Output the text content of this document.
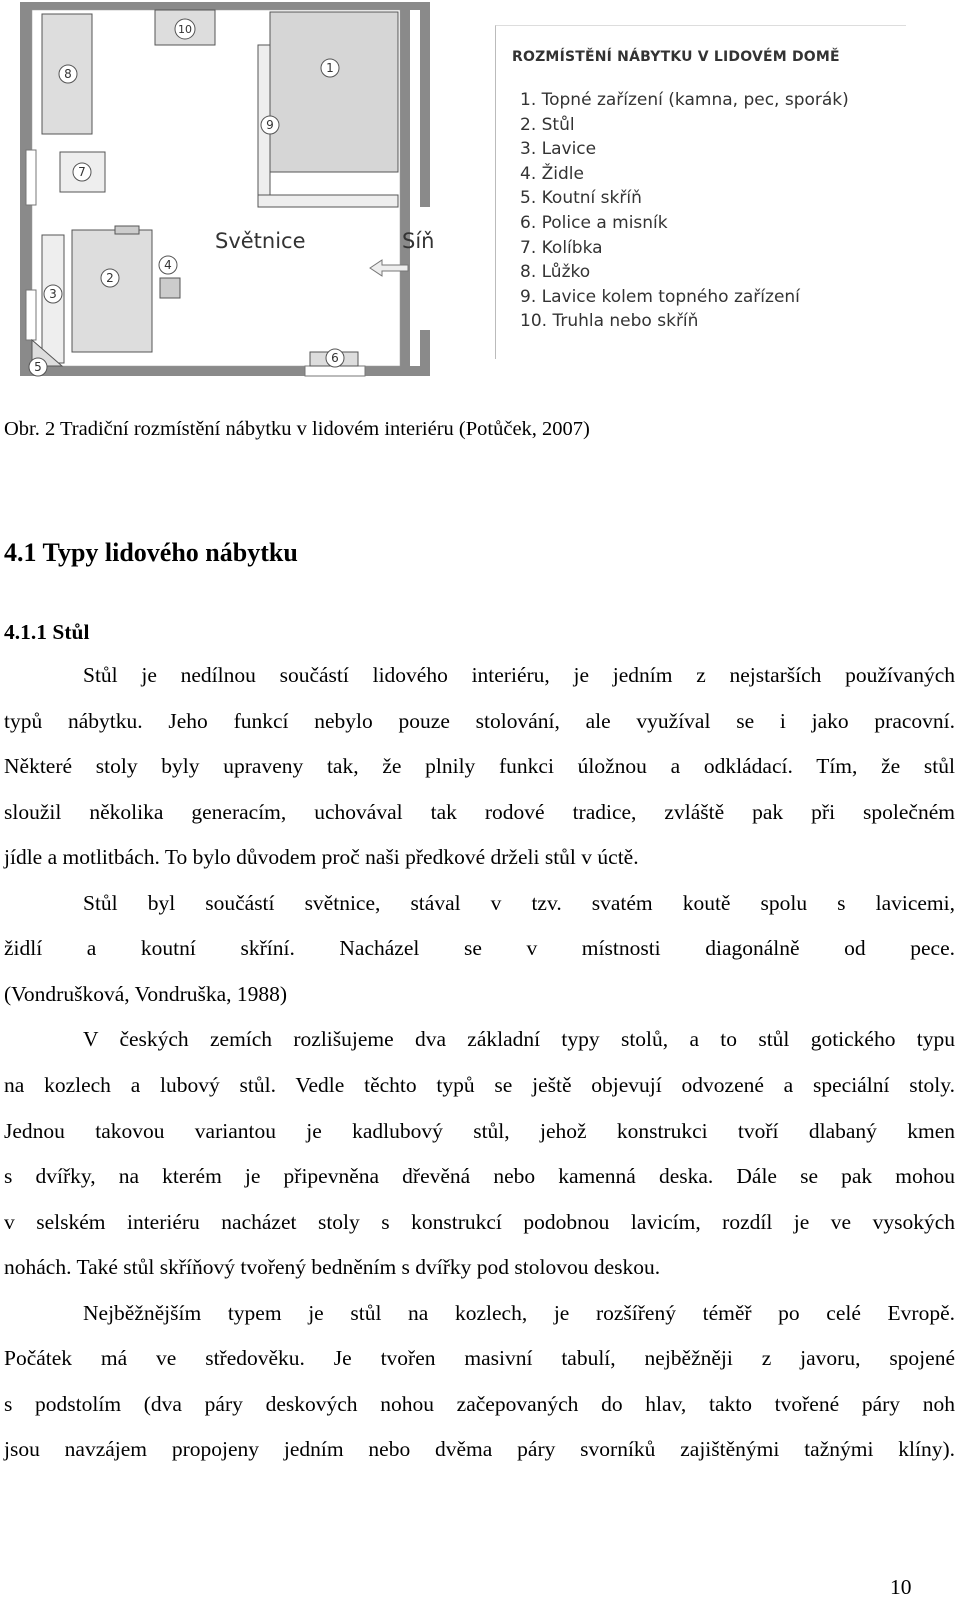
Světnice	Síň
1
2
3
4
5
6
7
8
9
10
ROZMÍSTĚNÍ NÁBYTKU V LIDOVÉM DOMĚ
1. Topné zařízení (kamna, pec, sporák)
2. Stůl
3. Lavice
4. Židle
5. Koutní skříň
6. Police a misník
7. Kolíbka
8. Lůžko
9. Lavice kolem topného zařízení
10. Truhla nebo skříň
Obr. 2 Tradiční rozmístění nábytku v lidovém interiéru (Potůček, 2007)
4.1 Typy lidového nábytku
4.1.1 Stůl
Stůl je nedílnou součástí lidového interiéru, je jedním z nejstarších používaných
typů nábytku. Jeho funkcí nebylo pouze stolování, ale využíval se i jako pracovní.
Některé stoly byly upraveny tak, že plnily funkci úložnou a odkládací. Tím, že stůl
sloužil několika generacím, uchovával tak rodové tradice, zvláště pak při společném
jídle a motlitbách. To bylo důvodem proč naši předkové drželi stůl v úctě.
Stůl byl součástí světnice, stával v tzv. svatém koutě spolu s lavicemi,
židlí a koutní skříní. Nacházel se v místnosti diagonálně od pece.
(Vondrušková, Vondruška, 1988)
V českých zemích rozlišujeme dva základní typy stolů, a to stůl gotického typu
na kozlech a lubový stůl. Vedle těchto typů se ještě objevují odvozené a speciální stoly.
Jednou takovou variantou je kadlubový stůl, jehož konstrukci tvoří dlabaný kmen
s dvířky, na kterém je připevněna dřevěná nebo kamenná deska. Dále se pak mohou
v selském interiéru nacházet stoly s konstrukcí podobnou lavicím, rozdíl je ve vysokých
nohách. Také stůl skříňový tvořený bedněním s dvířky pod stolovou deskou.
Nejběžnějším typem je stůl na kozlech, je rozšířený téměř po celé Evropě.
Počátek má ve středověku. Je tvořen masivní tabulí, nejběžněji z javoru, spojené
s podstolím (dva páry deskových nohou začepovaných do hlav, takto tvořené páry noh
jsou navzájem propojeny jedním nebo dvěma páry svorníků zajištěnými tažnými klíny).
10
